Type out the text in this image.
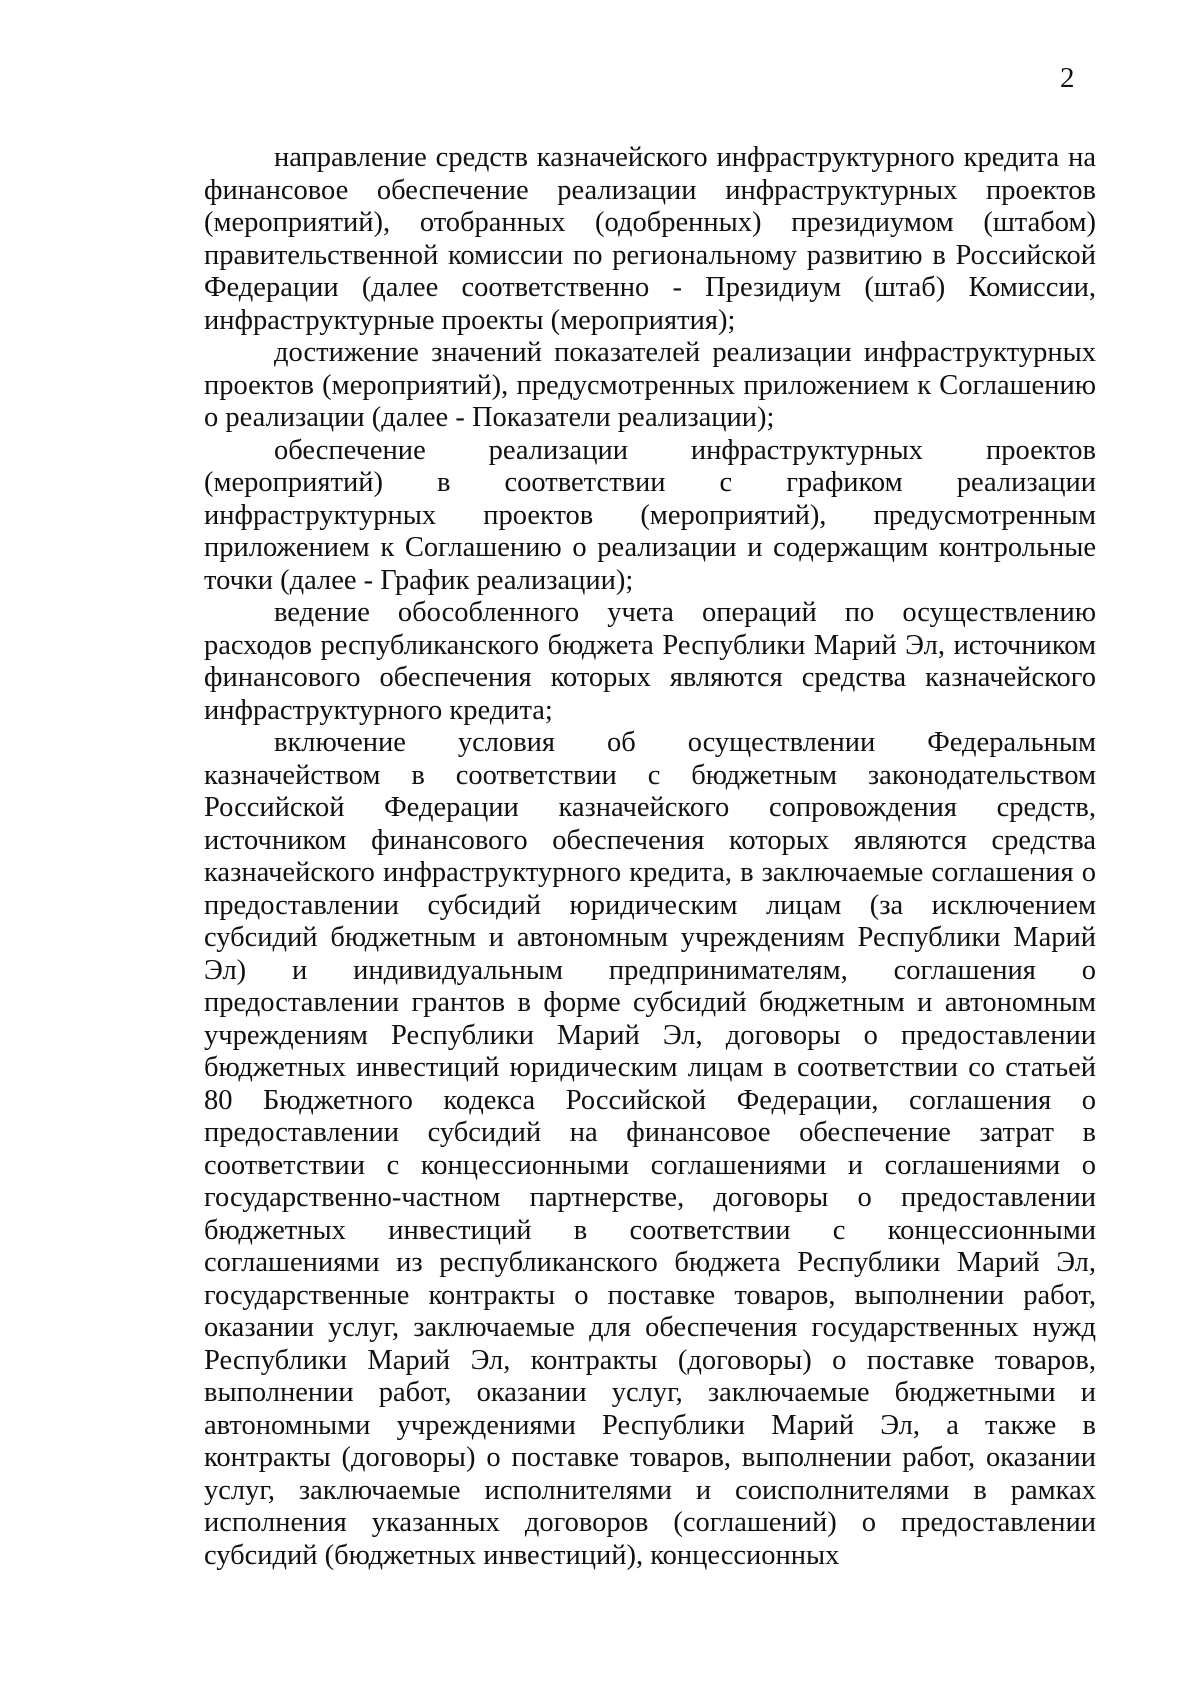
2

направление средств казначейского инфраструктурного кредита на финансовое обеспечение реализации инфраструктурных проектов (мероприятий), отобранных (одобренных) президиумом (штабом) правительственной комиссии по региональному развитию в Российской Федерации (далее соответственно - Президиум (штаб) Комиссии, инфраструктурные проекты (мероприятия);

достижение значений показателей реализации инфраструктурных проектов (мероприятий), предусмотренных приложением к Соглашению о реализации (далее - Показатели реализации);

обеспечение реализации инфраструктурных проектов (мероприятий) в соответствии с графиком реализации инфраструктурных проектов (мероприятий), предусмотренным приложением к Соглашению о реализации и содержащим контрольные точки (далее - График реализации);

ведение обособленного учета операций по осуществлению расходов республиканского бюджета Республики Марий Эл, источником финансового обеспечения которых являются средства казначейского инфраструктурного кредита;

включение условия об осуществлении Федеральным казначейством в соответствии с бюджетным законодательством Российской Федерации казначейского сопровождения средств, источником финансового обеспечения которых являются средства казначейского инфраструктурного кредита, в заключаемые соглашения о предоставлении субсидий юридическим лицам (за исключением субсидий бюджетным и автономным учреждениям Республики Марий Эл) и индивидуальным предпринимателям, соглашения о предоставлении грантов в форме субсидий бюджетным и автономным учреждениям Республики Марий Эл, договоры о предоставлении бюджетных инвестиций юридическим лицам в соответствии со статьей 80 Бюджетного кодекса Российской Федерации, соглашения о предоставлении субсидий на финансовое обеспечение затрат в соответствии с концессионными соглашениями и соглашениями о государственно-частном партнерстве, договоры о предоставлении бюджетных инвестиций в соответствии с концессионными соглашениями из республиканского бюджета Республики Марий Эл, государственные контракты о поставке товаров, выполнении работ, оказании услуг, заключаемые для обеспечения государственных нужд Республики Марий Эл, контракты (договоры) о поставке товаров, выполнении работ, оказании услуг, заключаемые бюджетными и автономными учреждениями Республики Марий Эл, а также в контракты (договоры) о поставке товаров, выполнении работ, оказании услуг, заключаемые исполнителями и соисполнителями в рамках исполнения указанных договоров (соглашений) о предоставлении субсидий (бюджетных инвестиций), концессионных
